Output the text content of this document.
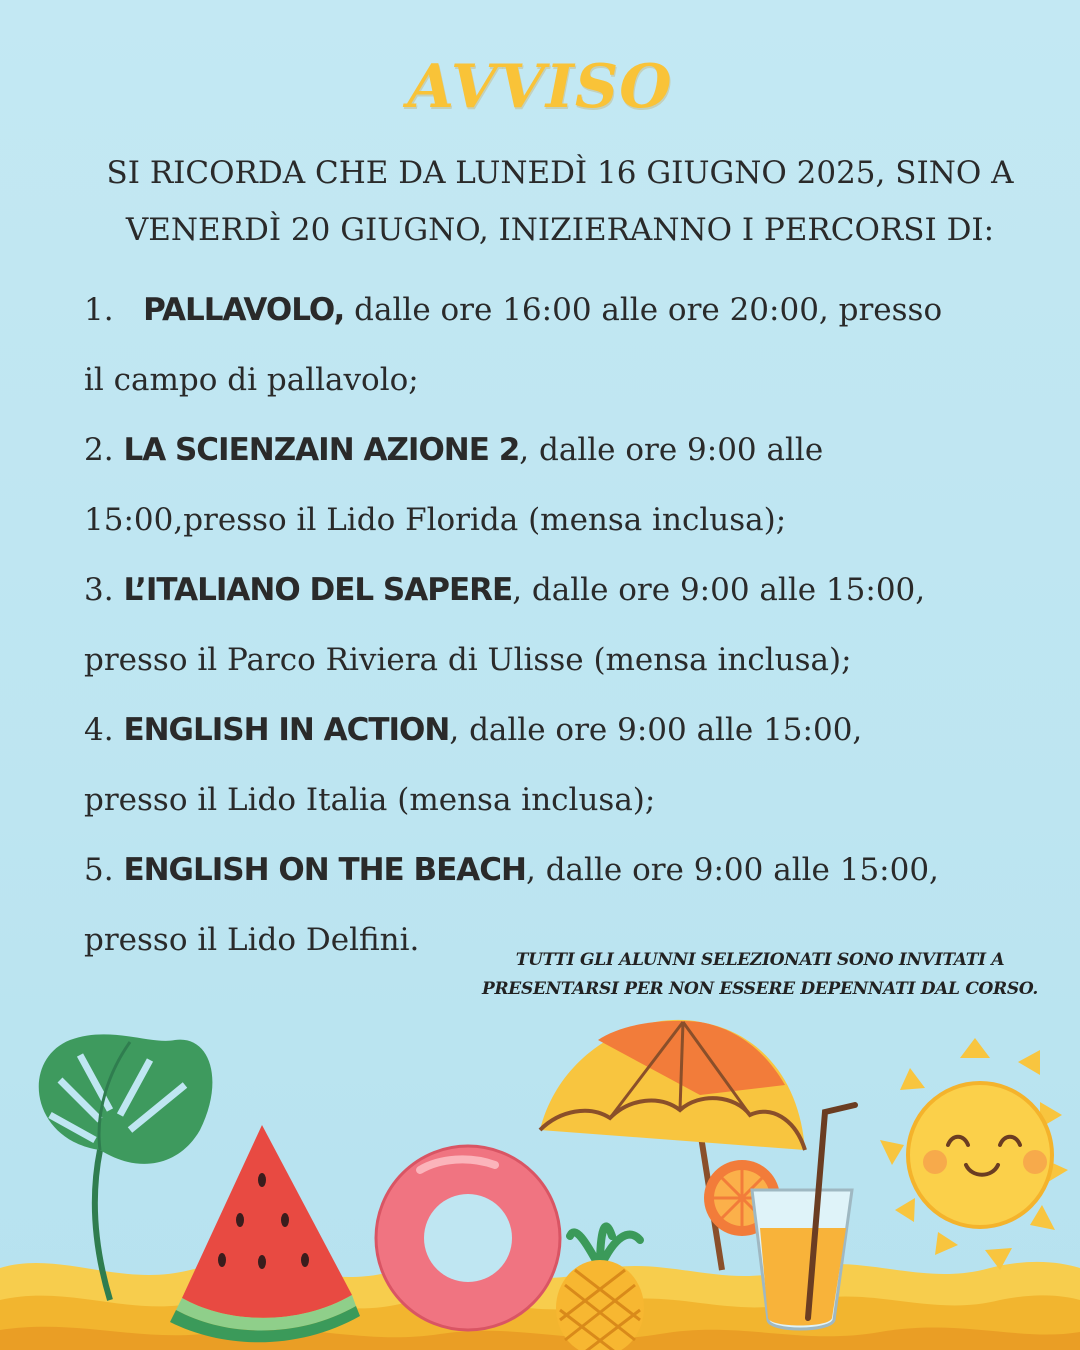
AVVISO
SI RICORDA CHE DA LUNEDÌ 16 GIUGNO 2025, SINO A
VENERDÌ 20 GIUGNO, INIZIERANNO I PERCORSI DI:
1. PALLAVOLO, dalle ore 16:00 alle ore 20:00, presso
il campo di pallavolo;
2. LA SCIENZAIN AZIONE 2, dalle ore 9:00 alle
15:00,presso il Lido Florida (mensa inclusa);
3. L’ITALIANO DEL SAPERE, dalle ore 9:00 alle 15:00,
presso il Parco Riviera di Ulisse (mensa inclusa);
4. ENGLISH IN ACTION, dalle ore 9:00 alle 15:00,
presso il Lido Italia (mensa inclusa);
5. ENGLISH ON THE BEACH, dalle ore 9:00 alle 15:00,
presso il Lido Delfini.
TUTTI GLI ALUNNI SELEZIONATI SONO INVITATI A
PRESENTARSI PER NON ESSERE DEPENNATI DAL CORSO.
